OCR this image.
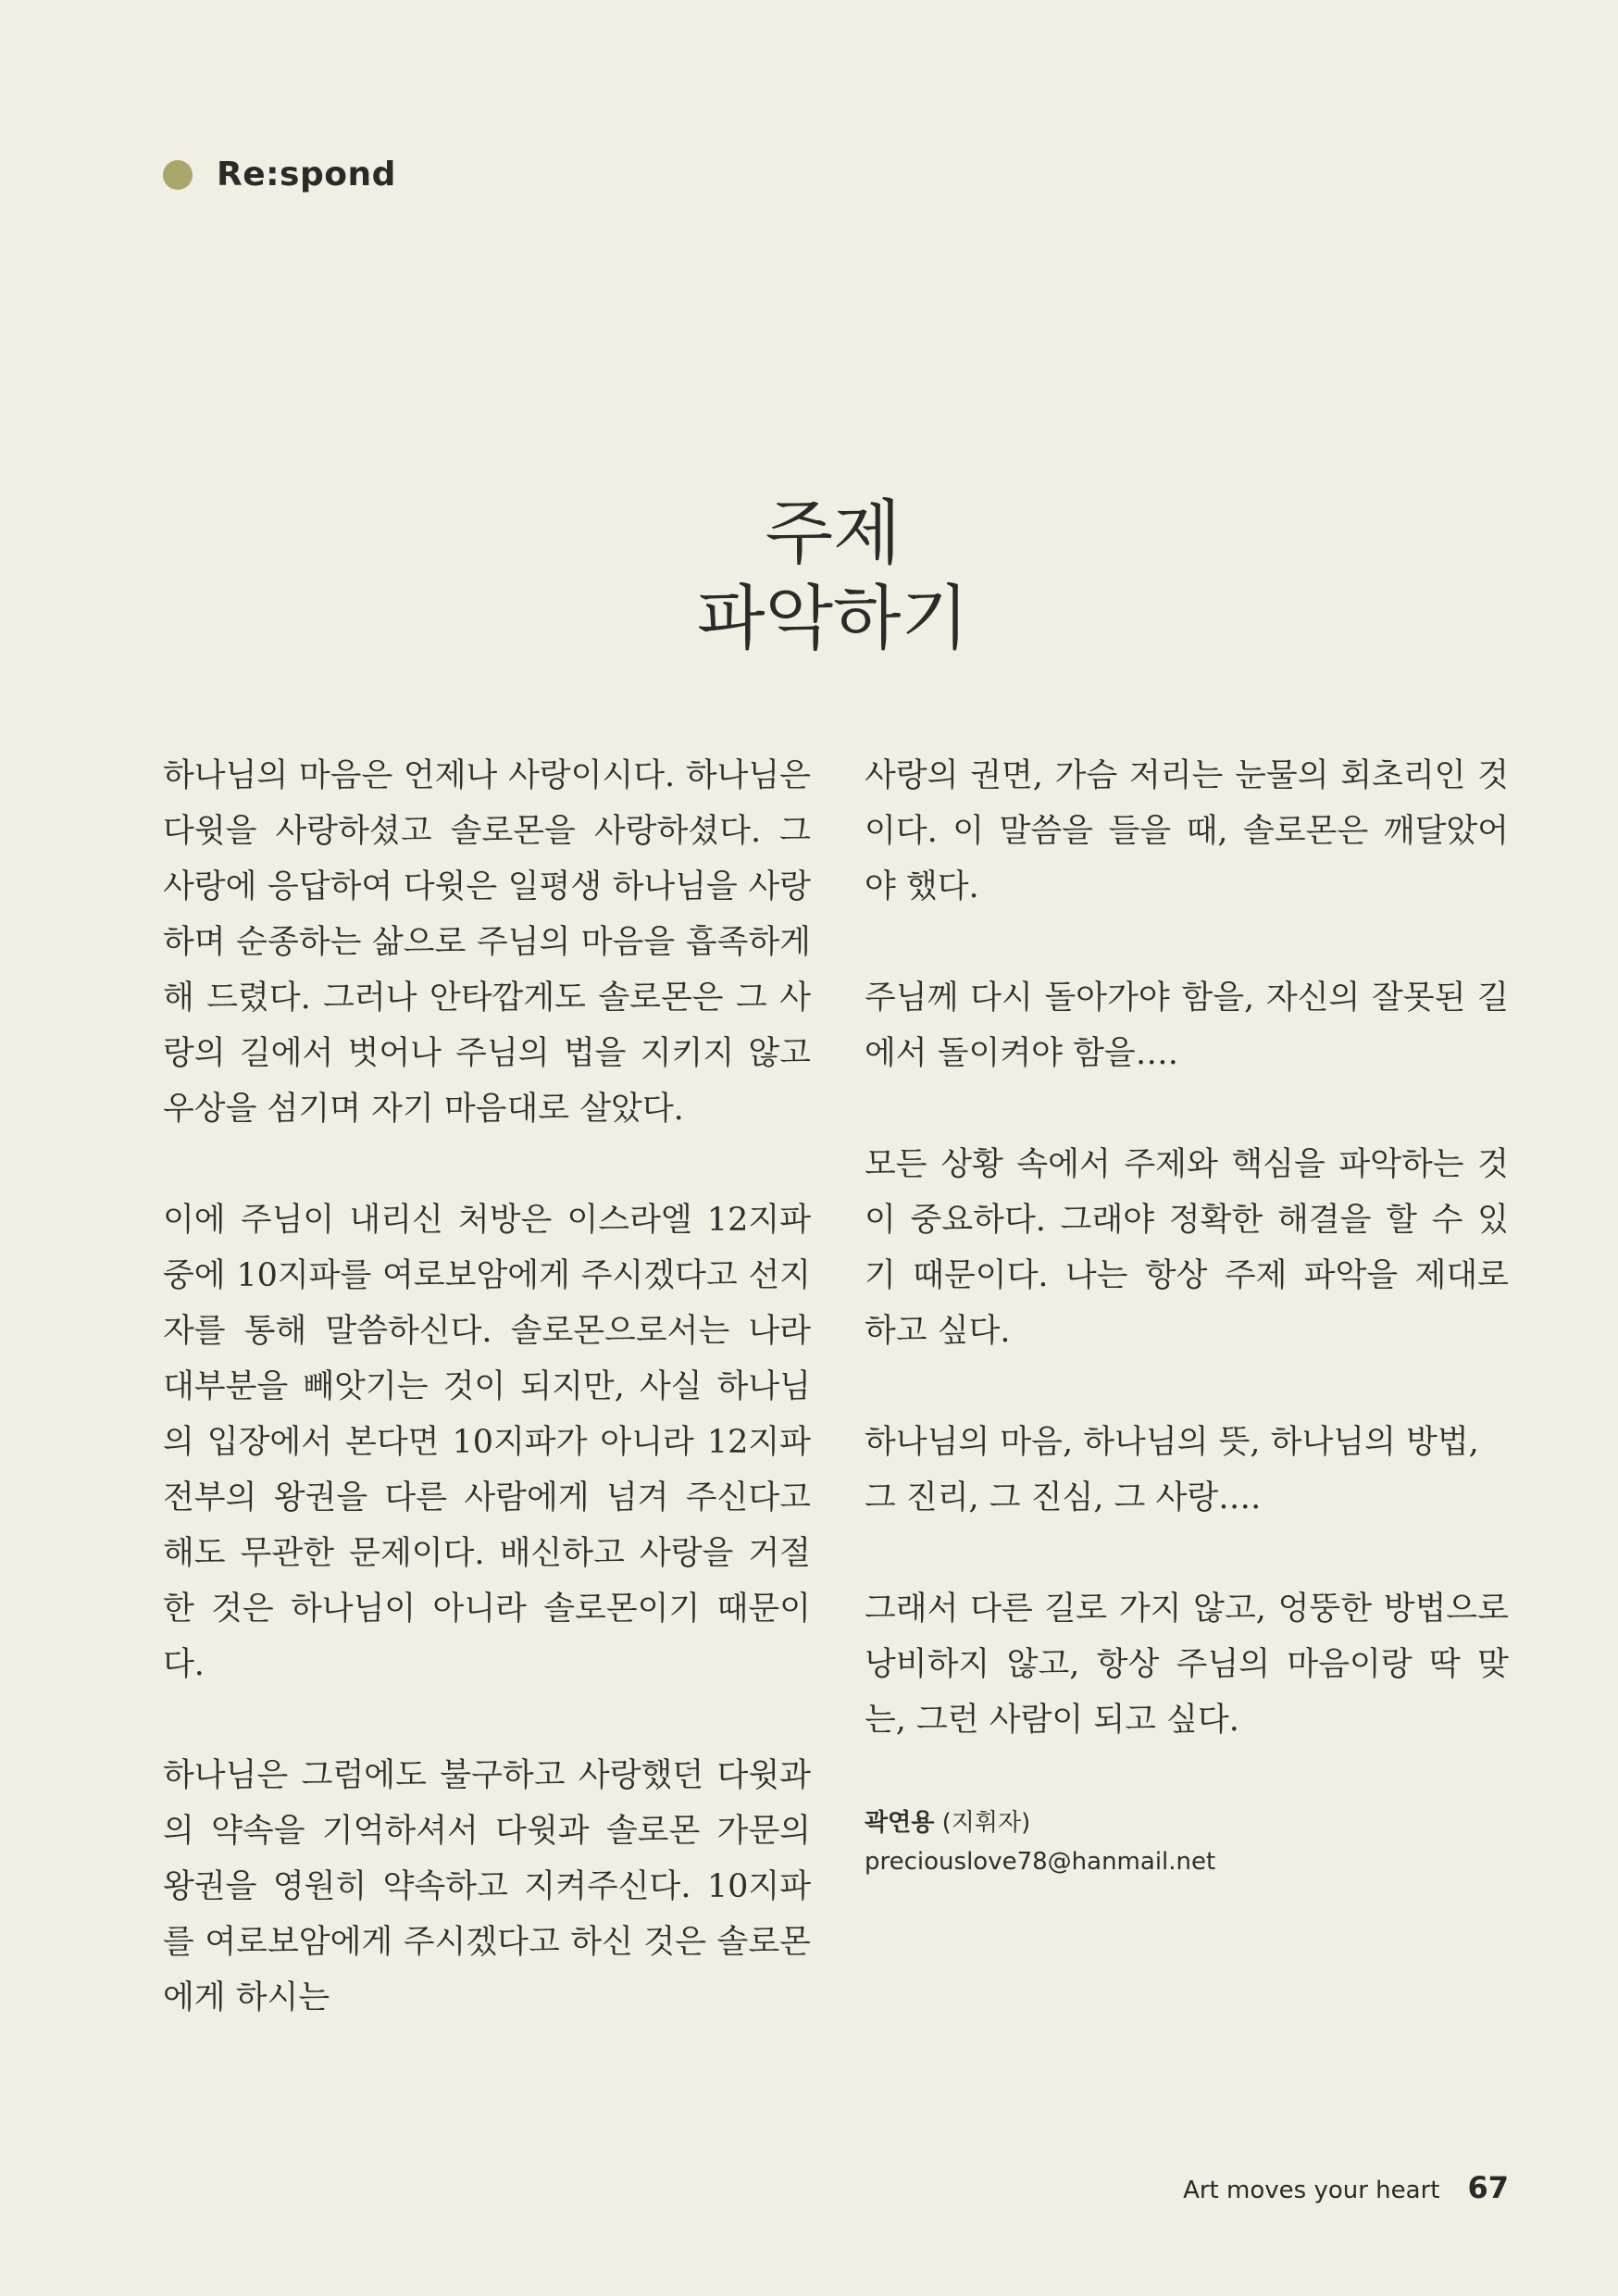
Re:spond
주제
파악하기

하나님의 마음은 언제나 사랑이시다. 하나님은 다윗을 사랑하셨고 솔로몬을 사랑하셨다. 그 사랑에 응답하여 다윗은 일평생 하나님을 사랑하며 순종하는 삶으로 주님의 마음을 흡족하게 해 드렸다. 그러나 안타깝게도 솔로몬은 그 사랑의 길에서 벗어나 주님의 법을 지키지 않고 우상을 섬기며 자기 마음대로 살았다.

이에 주님이 내리신 처방은 이스라엘 12지파 중에 10지파를 여로보암에게 주시겠다고 선지자를 통해 말씀하신다. 솔로몬으로서는 나라 대부분을 빼앗기는 것이 되지만, 사실 하나님의 입장에서 본다면 10지파가 아니라 12지파 전부의 왕권을 다른 사람에게 넘겨 주신다고 해도 무관한 문제이다. 배신하고 사랑을 거절한 것은 하나님이 아니라 솔로몬이기 때문이다.

하나님은 그럼에도 불구하고 사랑했던 다윗과의 약속을 기억하셔서 다윗과 솔로몬 가문의 왕권을 영원히 약속하고 지켜주신다. 10지파를 여로보암에게 주시겠다고 하신 것은 솔로몬에게 하시는

사랑의 권면, 가슴 저리는 눈물의 회초리인 것이다. 이 말씀을 들을 때, 솔로몬은 깨달았어야 했다.

주님께 다시 돌아가야 함을, 자신의 잘못된 길에서 돌이켜야 함을….

모든 상황 속에서 주제와 핵심을 파악하는 것이 중요하다. 그래야 정확한 해결을 할 수 있기 때문이다. 나는 항상 주제 파악을 제대로 하고 싶다.

하나님의 마음, 하나님의 뜻, 하나님의 방법,
그 진리, 그 진심, 그 사랑….

그래서 다른 길로 가지 않고, 엉뚱한 방법으로 낭비하지 않고, 항상 주님의 마음이랑 딱 맞는, 그런 사람이 되고 싶다.

곽연용 (지휘자)
preciouslove78@hanmail.net
Art moves your heart 67
